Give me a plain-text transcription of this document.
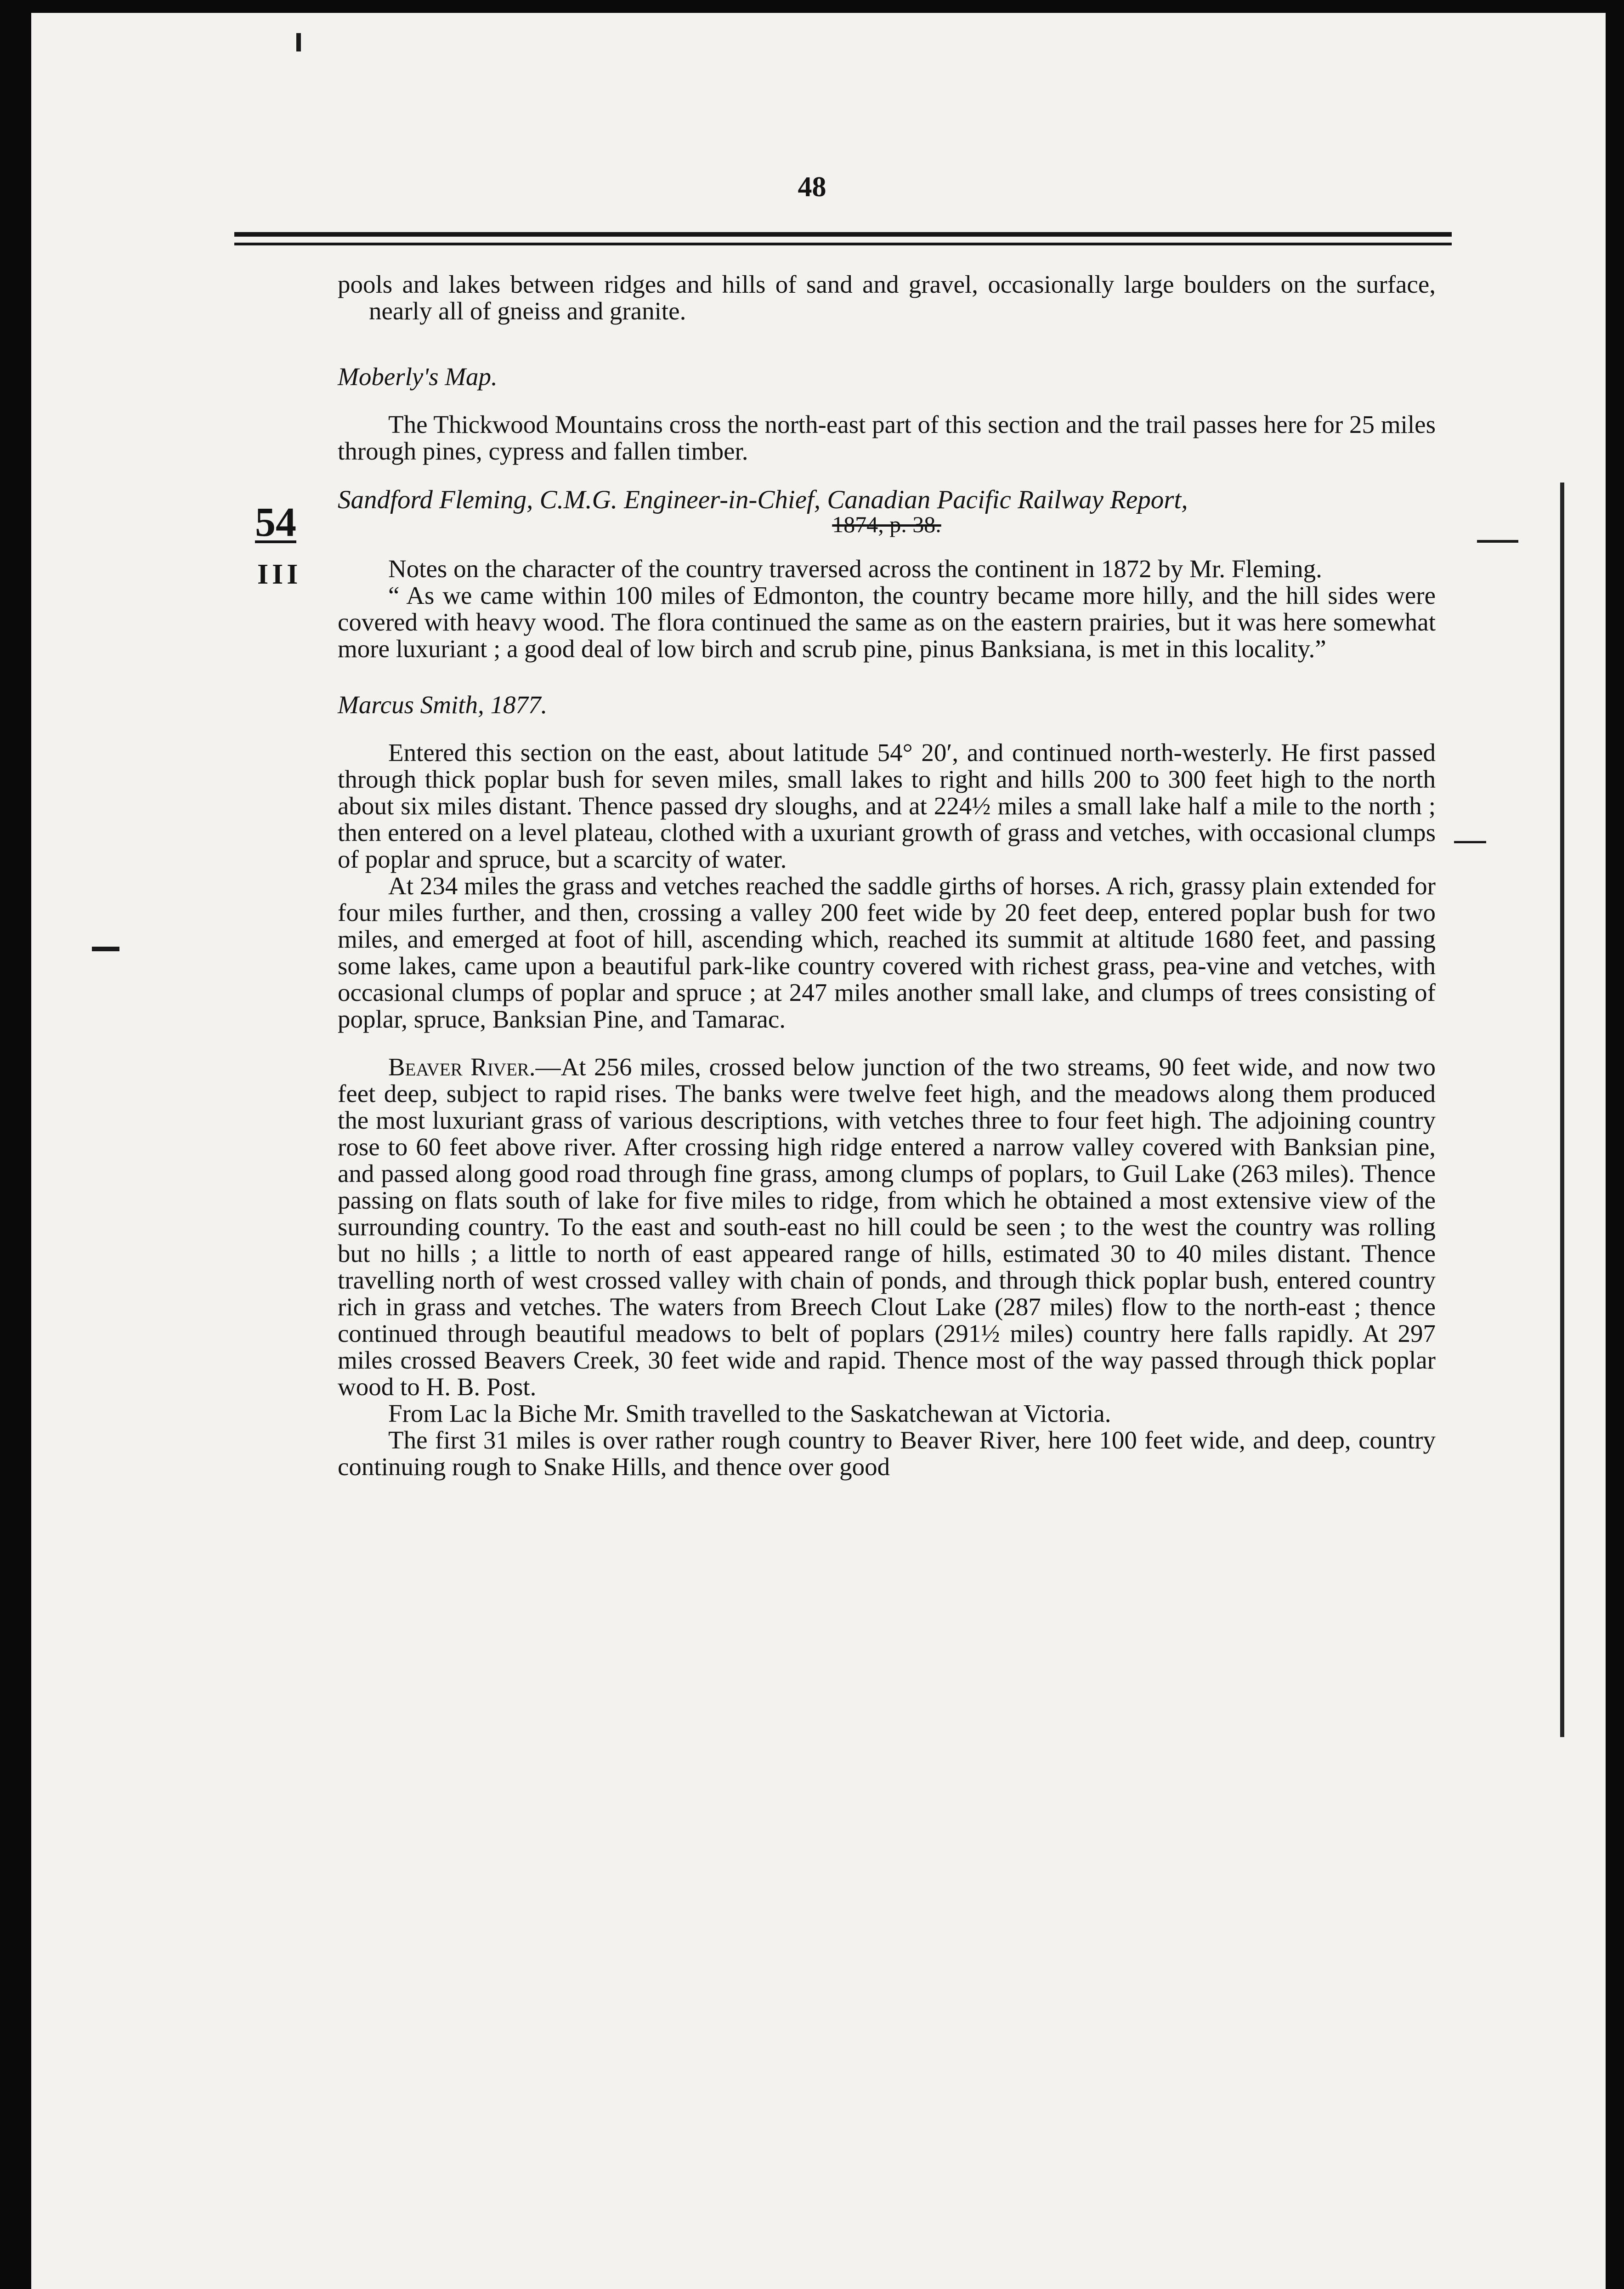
48
54
III

pools and lakes between ridges and hills of sand and gravel, occasionally large boulders on the surface, nearly all of gneiss and granite.

Moberly's Map.

The Thickwood Mountains cross the north-east part of this section and the trail passes here for 25 miles through pines, cypress and fallen timber.

Sandford Fleming, C.M.G. Engineer-in-Chief, Canadian Pacific Railway Report,

1874, p. 38.

Notes on the character of the country traversed across the continent in 1872 by Mr. Fleming.

“ As we came within 100 miles of Edmonton, the country became more hilly, and the hill sides were covered with heavy wood. The flora continued the same as on the eastern prairies, but it was here somewhat more luxuriant ; a good deal of low birch and scrub pine, pinus Banksiana, is met in this locality.”

Marcus Smith, 1877.

Entered this section on the east, about latitude 54° 20′, and continued north-westerly. He first passed through thick poplar bush for seven miles, small lakes to right and hills 200 to 300 feet high to the north about six miles distant. Thence passed dry sloughs, and at 224½ miles a small lake half a mile to the north ; then entered on a level plateau, clothed with a uxuriant growth of grass and vetches, with occasional clumps of poplar and spruce, but a scarcity of water.

At 234 miles the grass and vetches reached the saddle girths of horses. A rich, grassy plain extended for four miles further, and then, crossing a valley 200 feet wide by 20 feet deep, entered poplar bush for two miles, and emerged at foot of hill, ascending which, reached its summit at altitude 1680 feet, and passing some lakes, came upon a beautiful park-like country covered with richest grass, pea-vine and vetches, with occasional clumps of poplar and spruce ; at 247 miles another small lake, and clumps of trees consisting of poplar, spruce, Banksian Pine, and Tamarac.

Beaver River.—At 256 miles, crossed below junction of the two streams, 90 feet wide, and now two feet deep, subject to rapid rises. The banks were twelve feet high, and the meadows along them produced the most luxuriant grass of various descriptions, with vetches three to four feet high. The adjoining country rose to 60 feet above river. After crossing high ridge entered a narrow valley covered with Banksian pine, and passed along good road through fine grass, among clumps of poplars, to Guil Lake (263 miles). Thence passing on flats south of lake for five miles to ridge, from which he obtained a most extensive view of the surrounding country. To the east and south-east no hill could be seen ; to the west the country was rolling but no hills ; a little to north of east appeared range of hills, estimated 30 to 40 miles distant. Thence travelling north of west crossed valley with chain of ponds, and through thick poplar bush, entered country rich in grass and vetches. The waters from Breech Clout Lake (287 miles) flow to the north-east ; thence continued through beautiful meadows to belt of poplars (291½ miles) country here falls rapidly. At 297 miles crossed Beavers Creek, 30 feet wide and rapid. Thence most of the way passed through thick poplar wood to H. B. Post.

From Lac la Biche Mr. Smith travelled to the Saskatchewan at Victoria.

The first 31 miles is over rather rough country to Beaver River, here 100 feet wide, and deep, country continuing rough to Snake Hills, and thence over good
